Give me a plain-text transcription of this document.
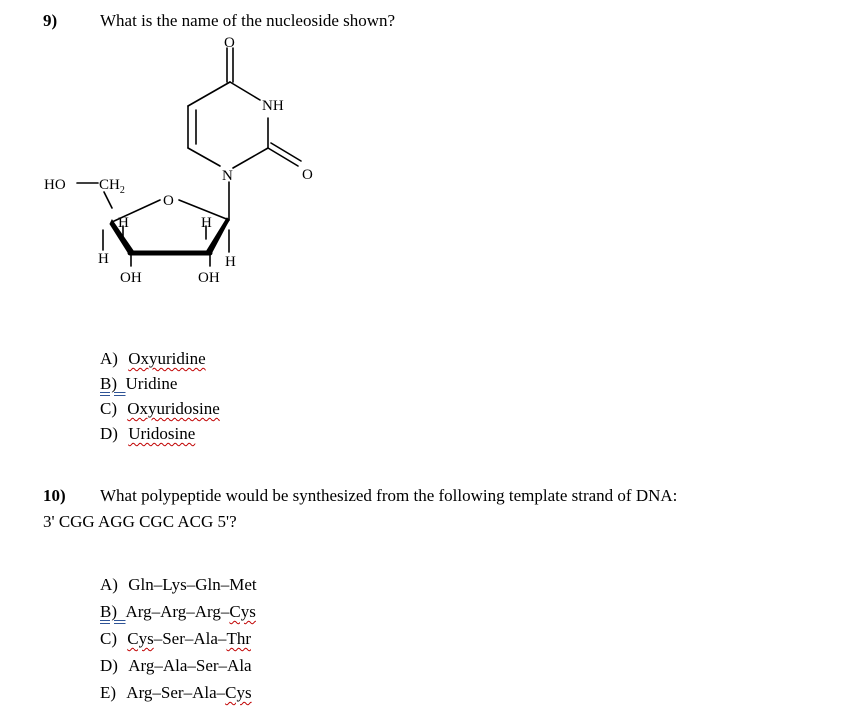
9)	What is the name of the nucleoside shown?
O
NH
N	O
HO $CH_2$
O
H	H
H	H
OH	OH
A) Oxyuridine
B) Uridine
C) Oxyuridosine
D) Uridosine
10) What polypeptide would be synthesized from the following template strand of DNA:
3' CGG AGG CGC ACG 5'?
A) Gln–Lys–Gln–Met
B) Arg–Arg–Arg–Cys
C) Cys–Ser–Ala–Thr
D) Arg–Ala–Ser–Ala
E) Arg–Ser–Ala–Cys
